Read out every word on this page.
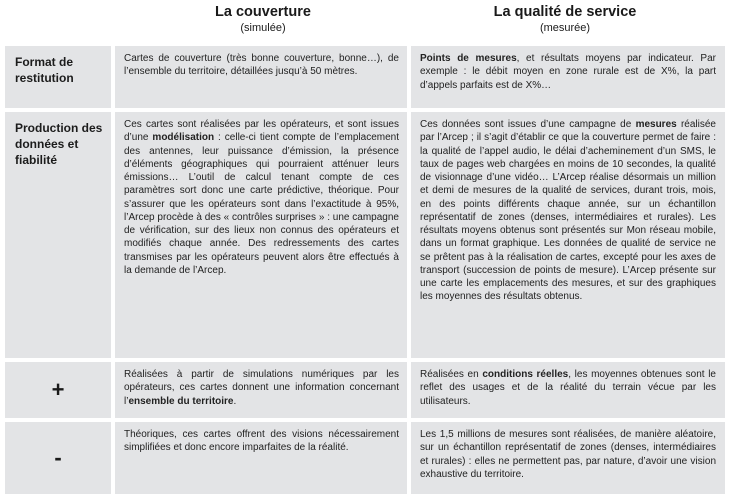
La couverture
(simulée)
La qualité de service
(mesurée)
Format de restitution

Cartes de couverture (très bonne couverture, bonne…), de l’ensemble du territoire, détaillées jusqu’à 50 mètres.

Points de mesures, et résultats moyens par indicateur. Par exemple : le débit moyen en zone rurale est de X%, la part d’appels parfaits est de X%…

Production des données et fiabilité

Ces cartes sont réalisées par les opérateurs, et sont issues d’une modélisation : celle-ci tient compte de l’emplacement des antennes, leur puissance d’émission, la présence d’éléments géographiques qui pourraient atténuer leurs émissions… L’outil de calcul tenant compte de ces paramètres sort donc une carte prédictive, théorique. Pour s’assurer que les opérateurs sont dans l’exactitude à 95%, l’Arcep procède à des « contrôles surprises » : une campagne de vérification, sur des lieux non connus des opérateurs et modifiés chaque année. Des redressements des cartes transmises par les opérateurs peuvent alors être effectués à la demande de l’Arcep.

Ces données sont issues d’une campagne de mesures réalisée par l’Arcep ; il s’agit d’établir ce que la couverture permet de faire : la qualité de l’appel audio, le délai d’acheminement d’un SMS, le taux de pages web chargées en moins de 10 secondes, la qualité de visionnage d’une vidéo… L’Arcep réalise désormais un million et demi de mesures de la qualité de services, durant trois, mois, en des points différents chaque année, sur un échantillon représentatif de zones (denses, intermédiaires et rurales). Les résultats moyens obtenus sont présentés sur Mon réseau mobile, dans un format graphique. Les données de qualité de service ne se prêtent pas à la réalisation de cartes, excepté pour les axes de transport (succession de points de mesure). L’Arcep présente sur une carte les emplacements des mesures, et sur des graphiques les moyennes des résultats obtenus.

+

Réalisées à partir de simulations numériques par les opérateurs, ces cartes donnent une information concernant l’ensemble du territoire.

Réalisées en conditions réelles, les moyennes obtenues sont le reflet des usages et de la réalité du terrain vécue par les utilisateurs.

-

Théoriques, ces cartes offrent des visions nécessairement simplifiées et donc encore imparfaites de la réalité.

Les 1,5 millions de mesures sont réalisées, de manière aléatoire, sur un échantillon représentatif de zones (denses, intermédiaires et rurales) : elles ne permettent pas, par nature, d’avoir une vision exhaustive du territoire.
